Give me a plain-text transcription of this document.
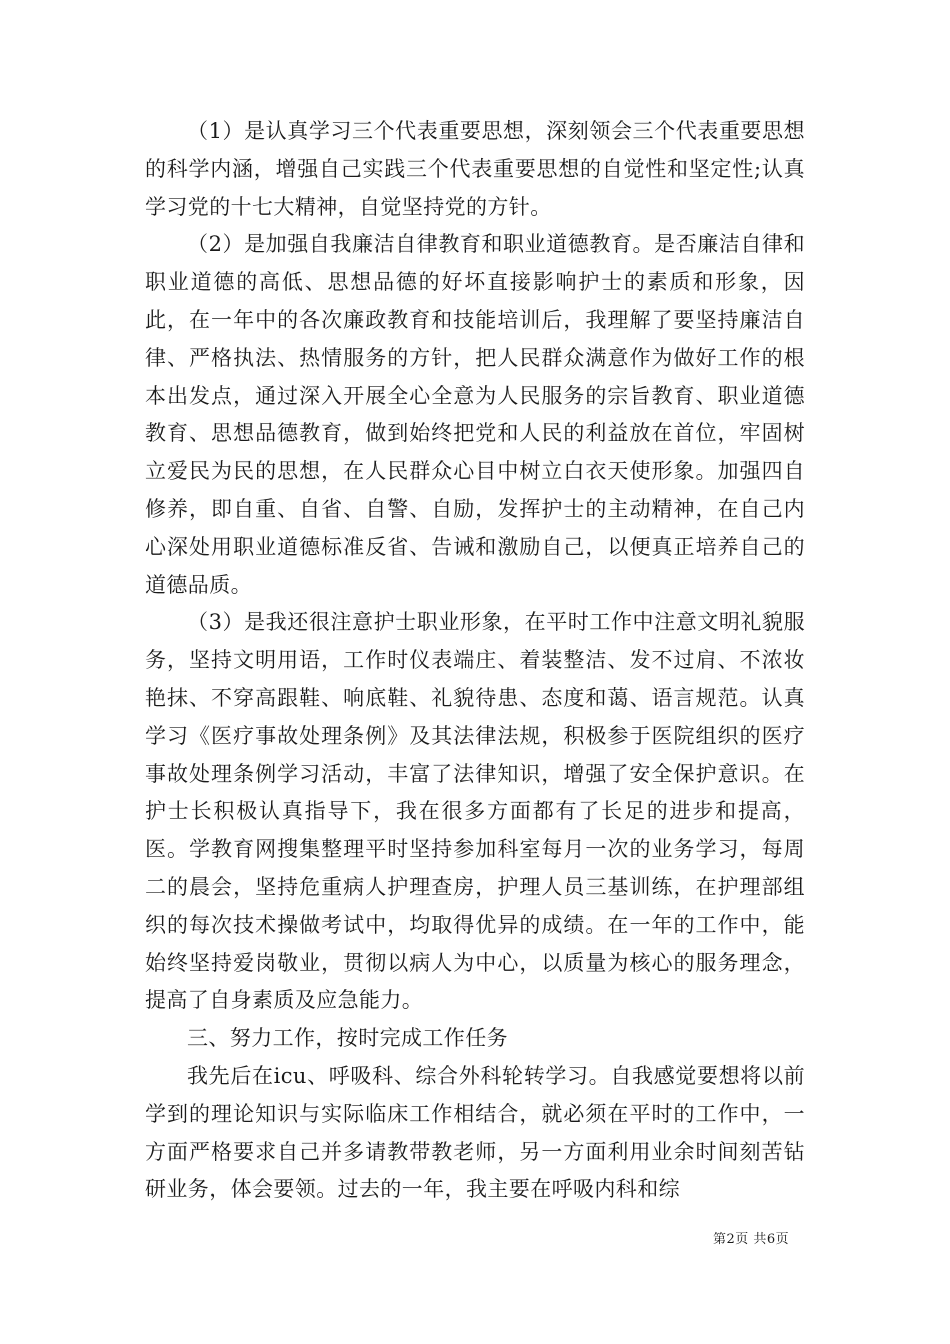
（1）是认真学习三个代表重要思想，深刻领会三个代表重要思想的科学内涵，增强自己实践三个代表重要思想的自觉性和坚定性;认真学习党的十七大精神，自觉坚持党的方针。

（2）是加强自我廉洁自律教育和职业道德教育。是否廉洁自律和职业道德的高低、思想品德的好坏直接影响护士的素质和形象，因此，在一年中的各次廉政教育和技能培训后，我理解了要坚持廉洁自律、严格执法、热情服务的方针，把人民群众满意作为做好工作的根本出发点，通过深入开展全心全意为人民服务的宗旨教育、职业道德教育、思想品德教育，做到始终把党和人民的利益放在首位，牢固树立爱民为民的思想，在人民群众心目中树立白衣天使形象。加强四自修养，即自重、自省、自警、自励，发挥护士的主动精神，在自己内心深处用职业道德标准反省、告诫和激励自己，以便真正培养自己的道德品质。

（3）是我还很注意护士职业形象，在平时工作中注意文明礼貌服务，坚持文明用语，工作时仪表端庄、着装整洁、发不过肩、不浓妆艳抹、不穿高跟鞋、响底鞋、礼貌待患、态度和蔼、语言规范。认真学习《医疗事故处理条例》及其法律法规，积极参于医院组织的医疗事故处理条例学习活动，丰富了法律知识，增强了安全保护意识。在护士长积极认真指导下，我在很多方面都有了长足的进步和提高，医。学教育网搜集整理平时坚持参加科室每月一次的业务学习，每周二的晨会，坚持危重病人护理查房，护理人员三基训练，在护理部组织的每次技术操做考试中，均取得优异的成绩。在一年的工作中，能始终坚持爱岗敬业，贯彻以病人为中心，以质量为核心的服务理念，提高了自身素质及应急能力。

三、努力工作，按时完成工作任务

我先后在icu、呼吸科、综合外科轮转学习。自我感觉要想将以前学到的理论知识与实际临床工作相结合，就必须在平时的工作中，一方面严格要求自己并多请教带教老师，另一方面利用业余时间刻苦钻研业务，体会要领。过去的一年，我主要在呼吸内科和综

第2页 共6页
